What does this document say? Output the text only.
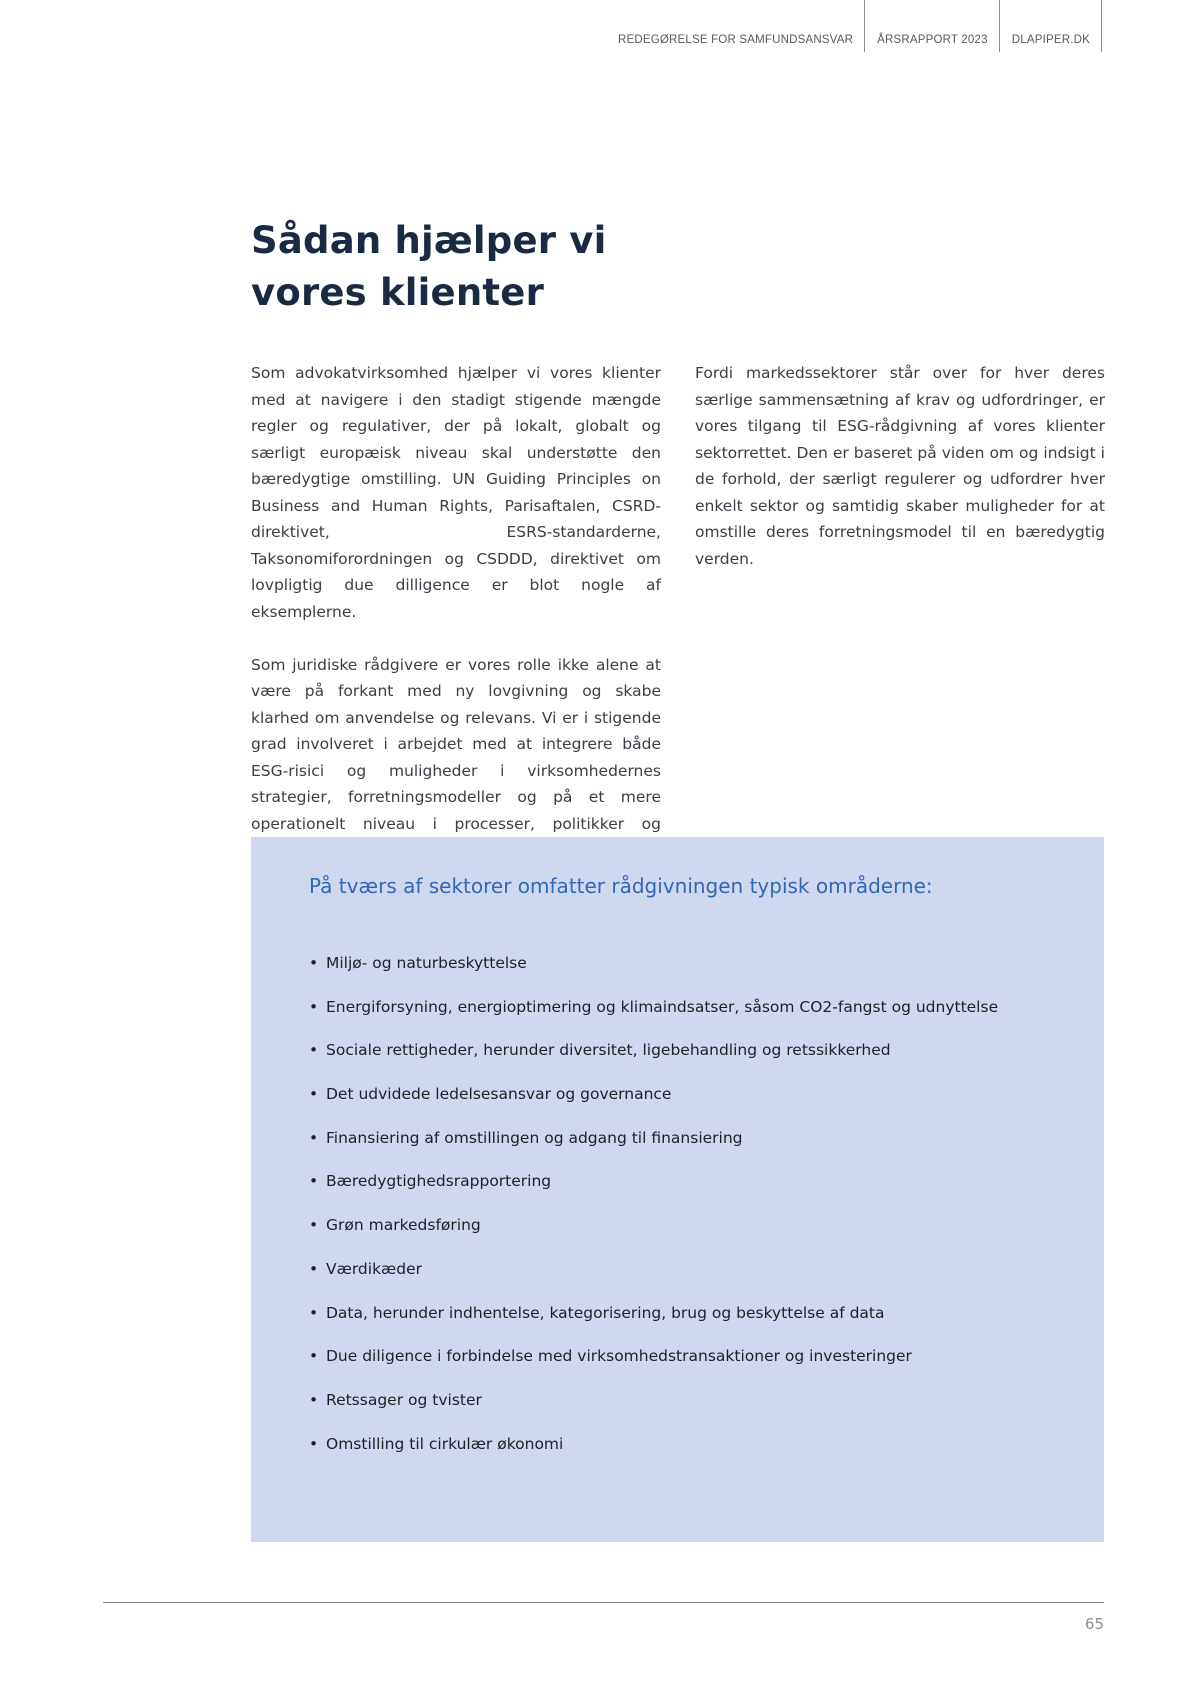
REDEGØRELSE FOR SAMFUNDSANSVAR	ÅRSRAPPORT 2023	DLAPIPER.DK
Sådan hjælper vi vores klienter

Som advokatvirksomhed hjælper vi vores klienter med at navigere i den stadigt stigende mængde regler og regulativer, der på lokalt, globalt og særligt europæisk niveau skal understøtte den bæredygtige omstilling. UN Guiding Principles on Business and Human Rights, Parisaftalen, CSRD-direktivet, ESRS-standarderne, Taksonomiforordningen og CSDDD, direktivet om lovpligtig due dilligence er blot nogle af eksemplerne.

Som juridiske rådgivere er vores rolle ikke alene at være på forkant med ny lovgivning og skabe klarhed om anvendelse og relevans. Vi er i stigende grad involveret i arbejdet med at integrere både ESG-risici og muligheder i virksomhedernes strategier, forretningsmodeller og på et mere operationelt niveau i processer, politikker og

Fordi markedssektorer står over for hver deres særlige sammensætning af krav og udfordringer, er vores tilgang til ESG-rådgivning af vores klienter sektorrettet. Den er baseret på viden om og indsigt i de forhold, der særligt regulerer og udfordrer hver enkelt sektor og samtidig skaber muligheder for at omstille deres forretningsmodel til en bæredygtig verden.

På tværs af sektorer omfatter rådgivningen typisk områderne:
• Miljø- og naturbeskyttelse
• Energiforsyning, energioptimering og klimaindsatser, såsom CO2-fangst og udnyttelse
• Sociale rettigheder, herunder diversitet, ligebehandling og retssikkerhed
• Det udvidede ledelsesansvar og governance
• Finansiering af omstillingen og adgang til finansiering
• Bæredygtighedsrapportering
• Grøn markedsføring
• Værdikæder
• Data, herunder indhentelse, kategorisering, brug og beskyttelse af data
• Due diligence i forbindelse med virksomhedstransaktioner og investeringer
• Retssager og tvister
• Omstilling til cirkulær økonomi
65
